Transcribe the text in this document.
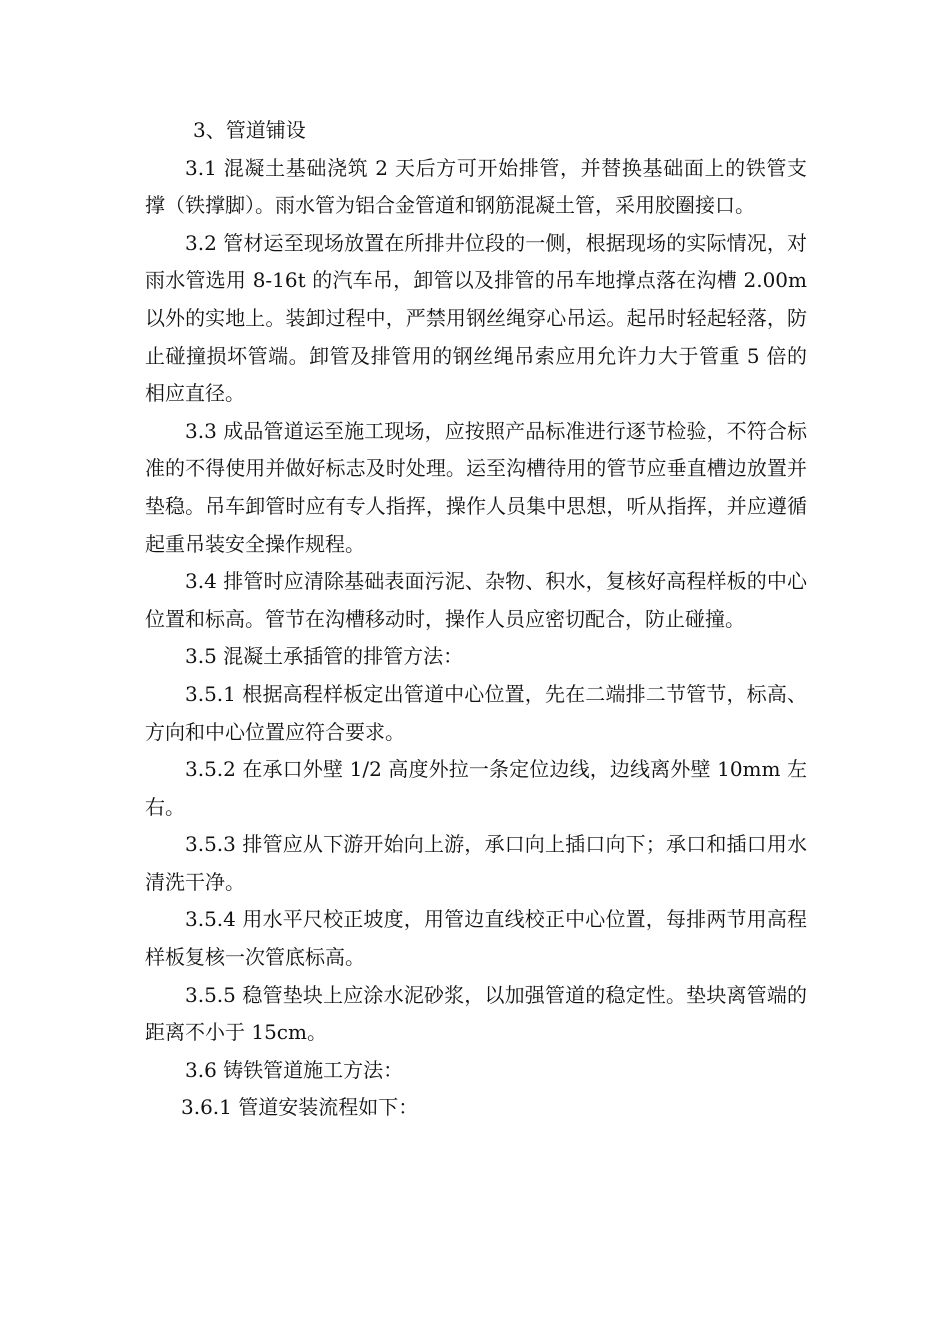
3、管道铺设

3.1 混凝土基础浇筑 2 天后方可开始排管，并替换基础面上的铁管支撑（铁撑脚）。雨水管为铝合金管道和钢筋混凝土管，采用胶圈接口。

3.2 管材运至现场放置在所排井位段的一侧，根据现场的实际情况，对雨水管选用 8-16t 的汽车吊，卸管以及排管的吊车地撑点落在沟槽 2.00m 以外的实地上。装卸过程中，严禁用钢丝绳穿心吊运。起吊时轻起轻落，防止碰撞损坏管端。卸管及排管用的钢丝绳吊索应用允许力大于管重 5 倍的相应直径。

3.3 成品管道运至施工现场，应按照产品标准进行逐节检验，不符合标准的不得使用并做好标志及时处理。运至沟槽待用的管节应垂直槽边放置并垫稳。吊车卸管时应有专人指挥，操作人员集中思想，听从指挥，并应遵循起重吊装安全操作规程。

3.4 排管时应清除基础表面污泥、杂物、积水，复核好高程样板的中心位置和标高。管节在沟槽移动时，操作人员应密切配合，防止碰撞。

3.5 混凝土承插管的排管方法：

3.5.1 根据高程样板定出管道中心位置，先在二端排二节管节，标高、方向和中心位置应符合要求。

3.5.2 在承口外壁 1/2 高度外拉一条定位边线，边线离外壁 10mm 左右。

3.5.3 排管应从下游开始向上游，承口向上插口向下；承口和插口用水清洗干净。

3.5.4 用水平尺校正坡度，用管边直线校正中心位置，每排两节用高程样板复核一次管底标高。

3.5.5 稳管垫块上应涂水泥砂浆，以加强管道的稳定性。垫块离管端的距离不小于 15cm。

3.6 铸铁管道施工方法：

3.6.1 管道安装流程如下：
